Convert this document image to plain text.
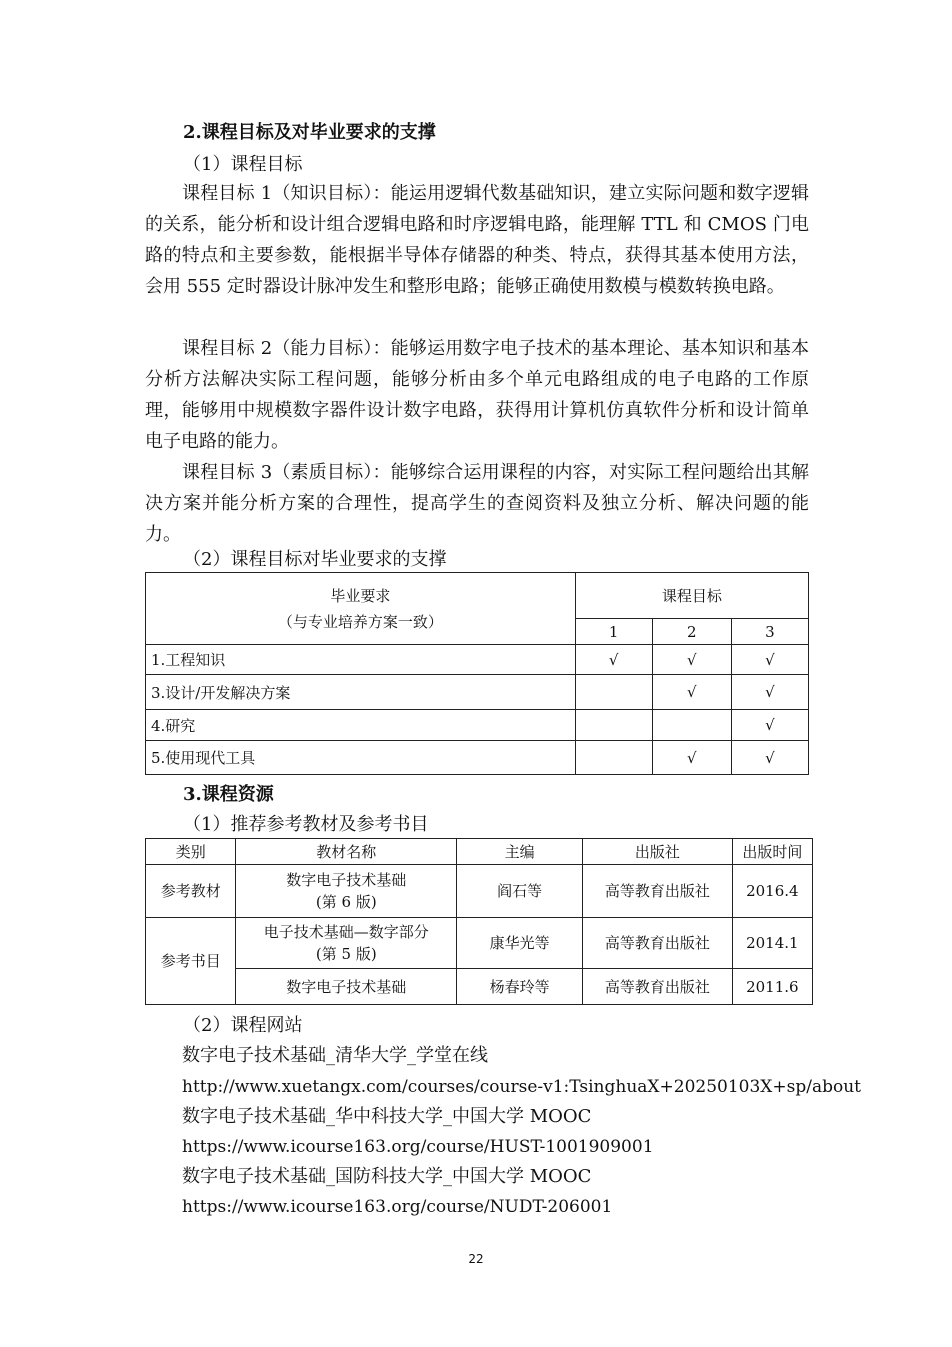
2.课程目标及对毕业要求的支撑
（1）课程目标

课程目标 1（知识目标）：能运用逻辑代数基础知识，建立实际问题和数字逻辑的关系，能分析和设计组合逻辑电路和时序逻辑电路，能理解 TTL 和 CMOS 门电路的特点和主要参数，能根据半导体存储器的种类、特点，获得其基本使用方法，会用 555 定时器设计脉冲发生和整形电路；能够正确使用数模与模数转换电路。

课程目标 2（能力目标）：能够运用数字电子技术的基本理论、基本知识和基本分析方法解决实际工程问题，能够分析由多个单元电路组成的电子电路的工作原理，能够用中规模数字器件设计数字电路，获得用计算机仿真软件分析和设计简单电子电路的能力。

课程目标 3（素质目标）：能够综合运用课程的内容，对实际工程问题给出其解决方案并能分析方案的合理性，提高学生的查阅资料及独立分析、解决问题的能力。

（2）课程目标对毕业要求的支撑
毕业要求
（与专业培养方案一致）	课程目标		
	1	2	3
1.工程知识	√	√	√
3.设计/开发解决方案		√	√
4.研究			√
5.使用现代工具		√	√
3.课程资源
（1）推荐参考教材及参考书目
类别	教材名称	主编	出版社	出版时间
参考教材	数字电子技术基础
(第 6 版)	阎石等	高等教育出版社	2016.4
参考书目	电子技术基础—数字部分
(第 5 版)	康华光等	高等教育出版社	2014.1
	数字电子技术基础	杨春玲等	高等教育出版社	2011.6
（2）课程网站
数字电子技术基础_清华大学_学堂在线
http://www.xuetangx.com/courses/course-v1:TsinghuaX+20250103X+sp/about
数字电子技术基础_华中科技大学_中国大学 MOOC
https://www.icourse163.org/course/HUST-1001909001
数字电子技术基础_国防科技大学_中国大学 MOOC
https://www.icourse163.org/course/NUDT-206001
22
